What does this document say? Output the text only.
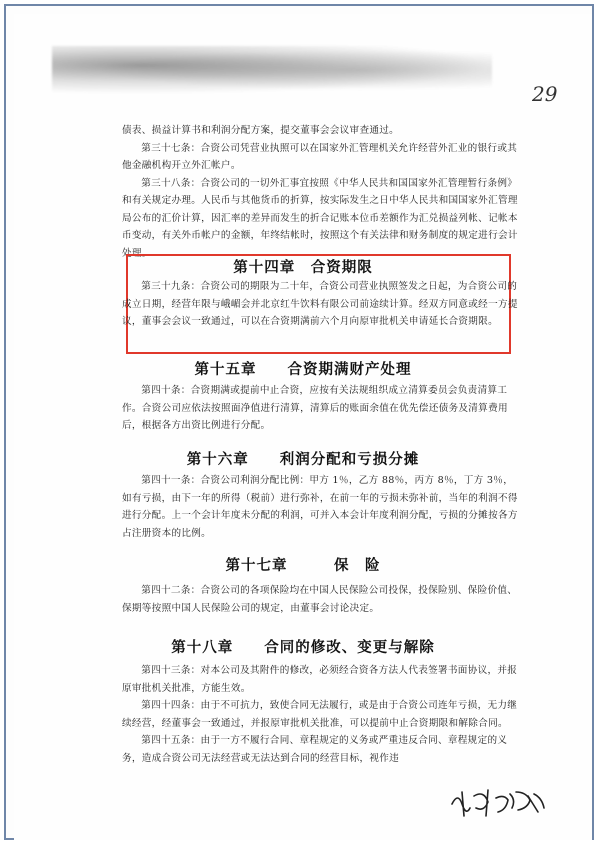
29

债表、损益计算书和利润分配方案，提交董事会会议审查通过。

第三十七条：合资公司凭营业执照可以在国家外汇管理机关允许经营外汇业的银行或其他金融机构开立外汇帐户。

第三十八条：合资公司的一切外汇事宜按照《中华人民共和国国家外汇管理暂行条例》和有关规定办理。人民币与其他货币的折算，按实际发生之日中华人民共和国国家外汇管理局公布的汇价计算，因汇率的差异而发生的折合记账本位币差额作为汇兑损益列帐、记帐本币变动，有关外币帐户的金额，年终结帐时，按照这个有关法律和财务制度的规定进行会计处理。

第十四章　合资期限

第三十九条：合资公司的期限为二十年，合资公司营业执照签发之日起，为合资公司的成立日期，经营年限与峨嵋会并北京红牛饮料有限公司前途续计算。经双方同意或经一方提议，董事会会议一致通过，可以在合资期满前六个月向原审批机关申请延长合资期限。

第十五章　　合资期满财产处理

第四十条：合资期满或提前中止合资，应按有关法规组织成立清算委员会负责清算工作。合资公司应依法按照面净值进行清算，清算后的账面余值在优先偿还债务及清算费用后，根据各方出资比例进行分配。

第十六章　　利润分配和亏损分摊

第四十一条：合资公司利润分配比例：甲方 1％，乙方 88％，丙方 8％，丁方 3％，如有亏损，由下一年的所得（税前）进行弥补，在前一年的亏损未弥补前，当年的利润不得进行分配。上一个会计年度未分配的利润，可并入本会计年度利润分配，亏损的分摊按各方占注册资本的比例。

第十七章　　　保　险

第四十二条：合资公司的各项保险均在中国人民保险公司投保，投保险别、保险价值、保期等按照中国人民保险公司的规定，由董事会讨论决定。

第十八章　　合同的修改、变更与解除

第四十三条：对本公司及其附件的修改，必须经合资各方法人代表签署书面协议，并报原审批机关批准，方能生效。

第四十四条：由于不可抗力，致使合同无法履行，或是由于合资公司连年亏损，无力继续经营，经董事会一致通过，并报原审批机关批准，可以提前中止合资期限和解除合同。

第四十五条：由于一方不履行合同、章程规定的义务或严重违反合同、章程规定的义务，造成合资公司无法经营或无法达到合同的经营目标，视作违
